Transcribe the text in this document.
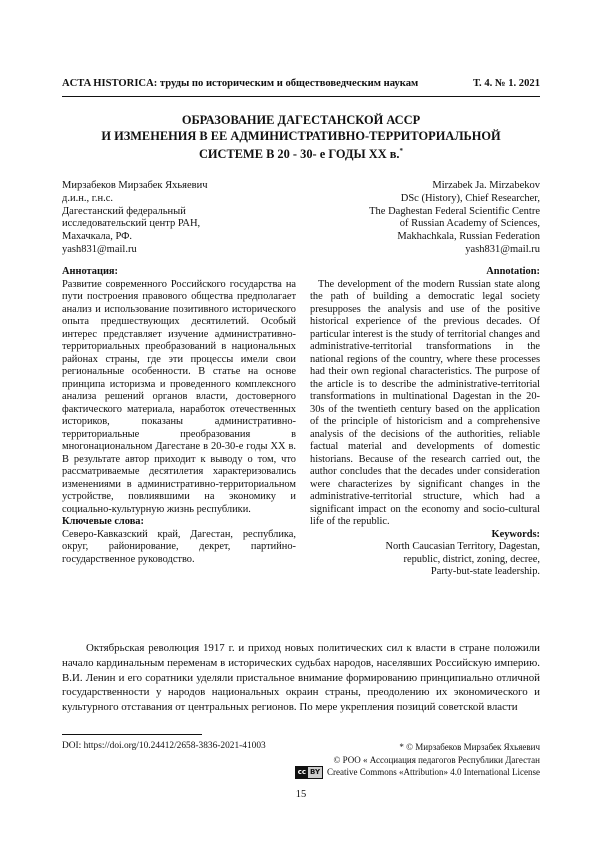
ACTA HISTORICA: труды по историческим и обществоведческим наукам	Т. 4. № 1. 2021
ОБРАЗОВАНИЕ ДАГЕСТАНСКОЙ АССР
И ИЗМЕНЕНИЯ В ЕЕ АДМИНИСТРАТИВНО-ТЕРРИТОРИАЛЬНОЙ
СИСТЕМЕ В 20 - 30- е ГОДЫ ХХ в.*
Мирзабеков Мирзабек Яхьяевич
д.и.н., г.н.с.
Дагестанский федеральный
исследовательский центр РАН,
Махачкала, РФ.
yash831@mail.ru
Mirzabek Ja. Mirzabekov
DSc (History), Chief Researcher,
The Daghestan Federal Scientific Centre
of Russian Academy of Sciences,
Makhachkala, Russian Federation
yash831@mail.ru
Аннотация:
Развитие современного Российского государства на пути построения правового общества предполагает анализ и использование позитивного исторического опыта предшествующих десятилетий. Особый интерес представляет изучение административно-территориальных преобразований в национальных районах страны, где эти процессы имели свои региональные особенности. В статье на основе принципа историзма и проведенного комплексного анализа решений органов власти, достоверного фактического материала, наработок отечественных историков, показаны административно-территориальные преобразования в многонациональном Дагестане в 20-30-е годы ХХ в. В результате автор приходит к выводу о том, что рассматриваемые десятилетия характеризовались изменениями в административно-территориальном устройстве, повлиявшими на экономику и социально-культурную жизнь республики.
Ключевые слова:
Северо-Кавказский край, Дагестан, республика, округ, районирование, декрет, партийно-государственное руководство.
Annotation:
The development of the modern Russian state along the path of building a democratic legal society presupposes the analysis and use of the positive historical experience of the previous decades. Of particular interest is the study of territorial changes and administrative-territorial transformations in the national regions of the country, where these processes had their own regional characteristics. The purpose of the article is to describe the administrative-territorial transformations in multinational Dagestan in the 20-30s of the twentieth century based on the application of the principle of historicism and a comprehensive analysis of the decisions of the authorities, reliable factual material and developments of domestic historians. Because of the research carried out, the author concludes that the decades under consideration were characterizes by significant changes in the administrative-territorial structure, which had a significant impact on the economy and socio-cultural life of the republic.
Keywords:
North Caucasian Territory, Dagestan,
republic, district, zoning, decree,
Party-but-state leadership.
Октябрьская революция 1917 г. и приход новых политических сил к власти в стране положили начало кардинальным переменам в исторических судьбах народов, населявших Российскую империю. В.И. Ленин и его соратники уделяли пристальное внимание формированию принципиально отличной государственности у народов национальных окраин страны, преодолению их экономического и культурного отставания от центральных регионов. По мере укрепления позиций советской власти
DOI: https://doi.org/10.24412/2658-3836-2021-41003	* © Мирзабеков Мирзабек Яхьяевич
© РОО « Ассоциация педагогов Республики Дагестан
cc BY Creative Commons «Attribution» 4.0 International License
15
